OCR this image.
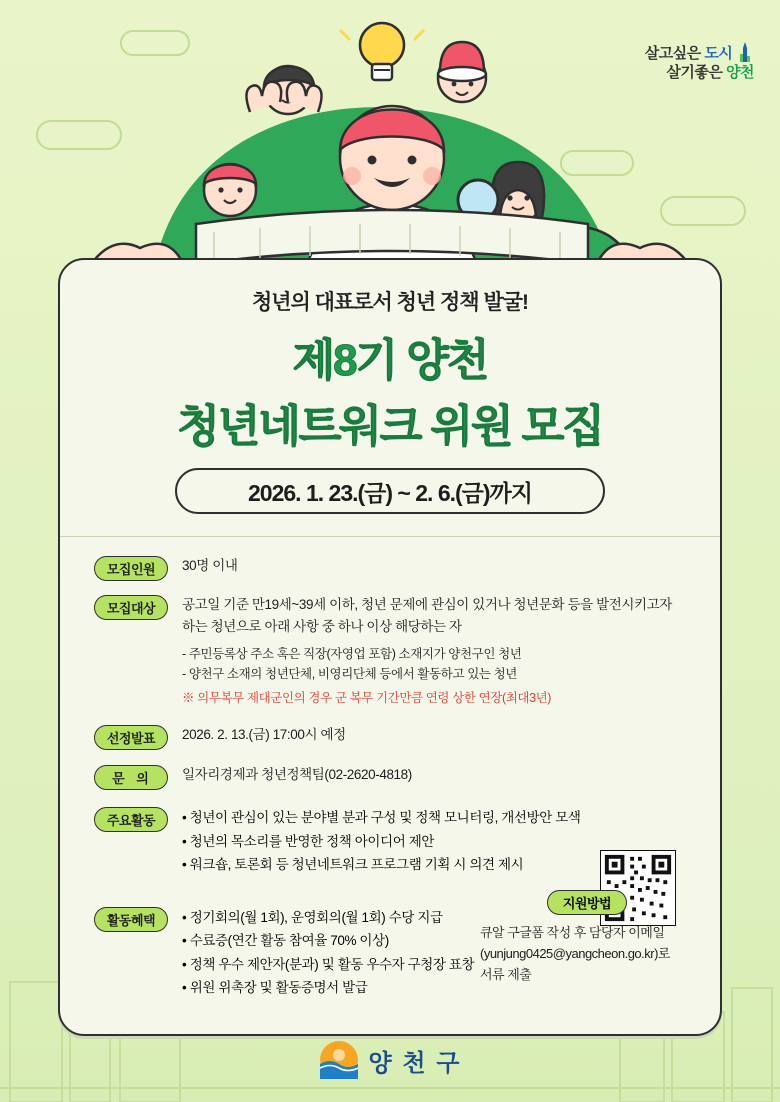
살고싶은 도시
살기좋은 양천
청년의 대표로서 청년 정책 발굴!
제8기 양천
청년네트워크 위원 모집
2026. 1. 23.(금) ~ 2. 6.(금)까지
모집인원	30명 이내
모집대상	공고일 기준 만19세~39세 이하, 청년 문제에 관심이 있거나 청년문화 등을 발전시키고자
하는 청년으로 아래 사항 중 하나 이상 해당하는 자
- 주민등록상 주소 혹은 직장(자영업 포함) 소재지가 양천구인 청년
- 양천구 소재의 청년단체, 비영리단체 등에서 활동하고 있는 청년
※ 의무복무 제대군인의 경우 군 복무 기간만큼 연령 상한 연장(최대3년)
선정발표	2026. 2. 13.(금) 17:00시 예정
문 의	일자리경제과 청년정책팀(02-2620-4818)
주요활동	• 청년이 관심이 있는 분야별 분과 구성 및 정책 모니터링, 개선방안 모색
• 청년의 목소리를 반영한 정책 아이디어 제안
• 워크숍, 토론회 등 청년네트워크 프로그램 기획 시 의견 제시
활동혜택	• 정기회의(월 1회), 운영회의(월 1회) 수당 지급
• 수료증(연간 활동 참여율 70% 이상)
• 정책 우수 제안자(분과) 및 활동 우수자 구청장 표창
• 위원 위촉장 및 활동증명서 발급
지원방법
큐알 구글폼 작성 후 담당자 이메일
(yunjung0425@yangcheon.go.kr)로
서류 제출
양 천 구
